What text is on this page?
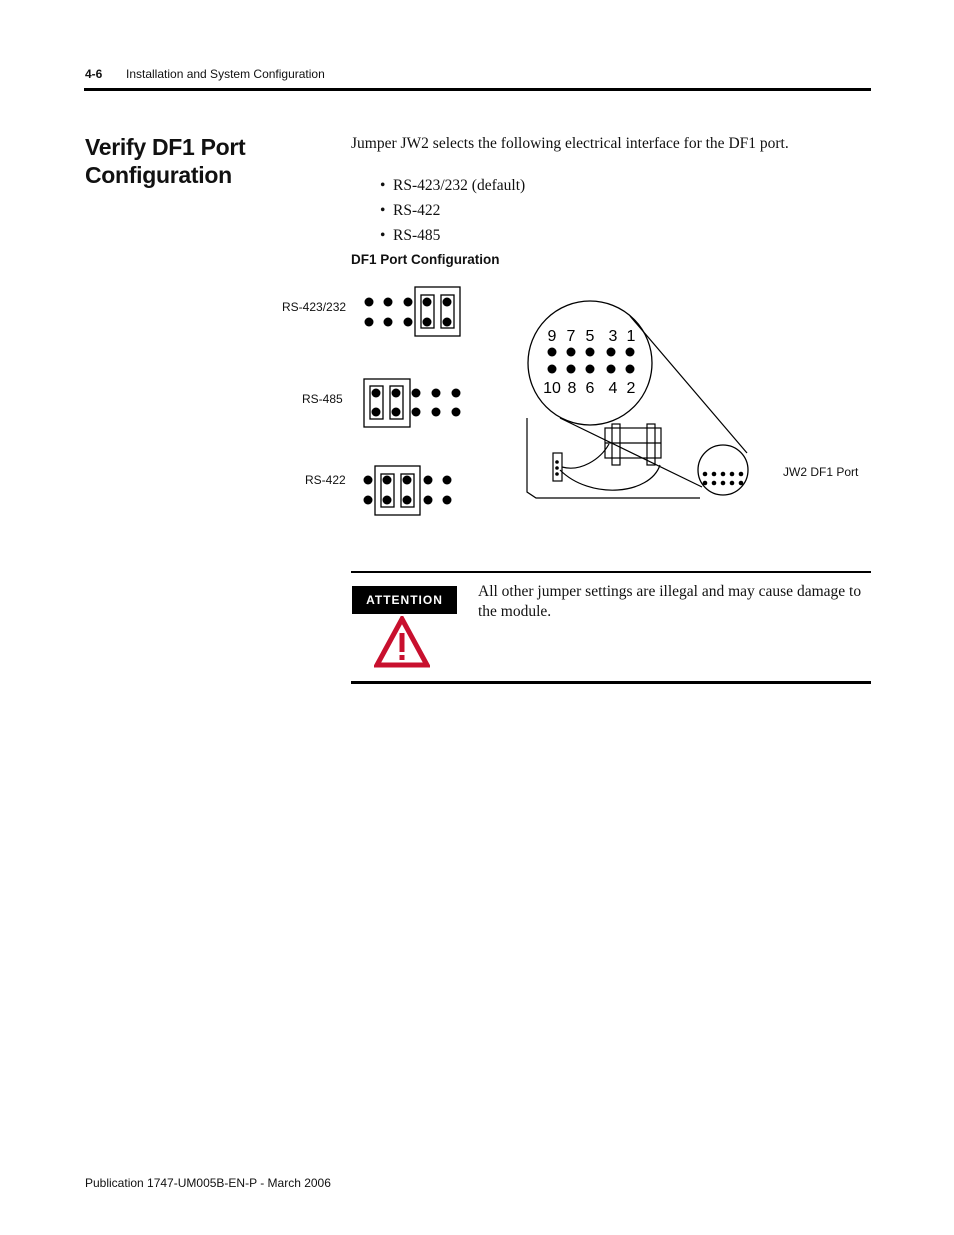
4-6 Installation and System Configuration
Verify DF1 Port Configuration
Jumper JW2 selects the following electrical interface for the DF1 port.
• RS-423/232 (default)
• RS-422
• RS-485
DF1 Port Configuration
RS-423/232
RS-485
RS-422
JW2 DF1 Port
9 7 5 3 1
10 8 6 4 2
ATTENTION	All other jumper settings are illegal and may cause damage to the module.
Publication 1747-UM005B-EN-P - March 2006
